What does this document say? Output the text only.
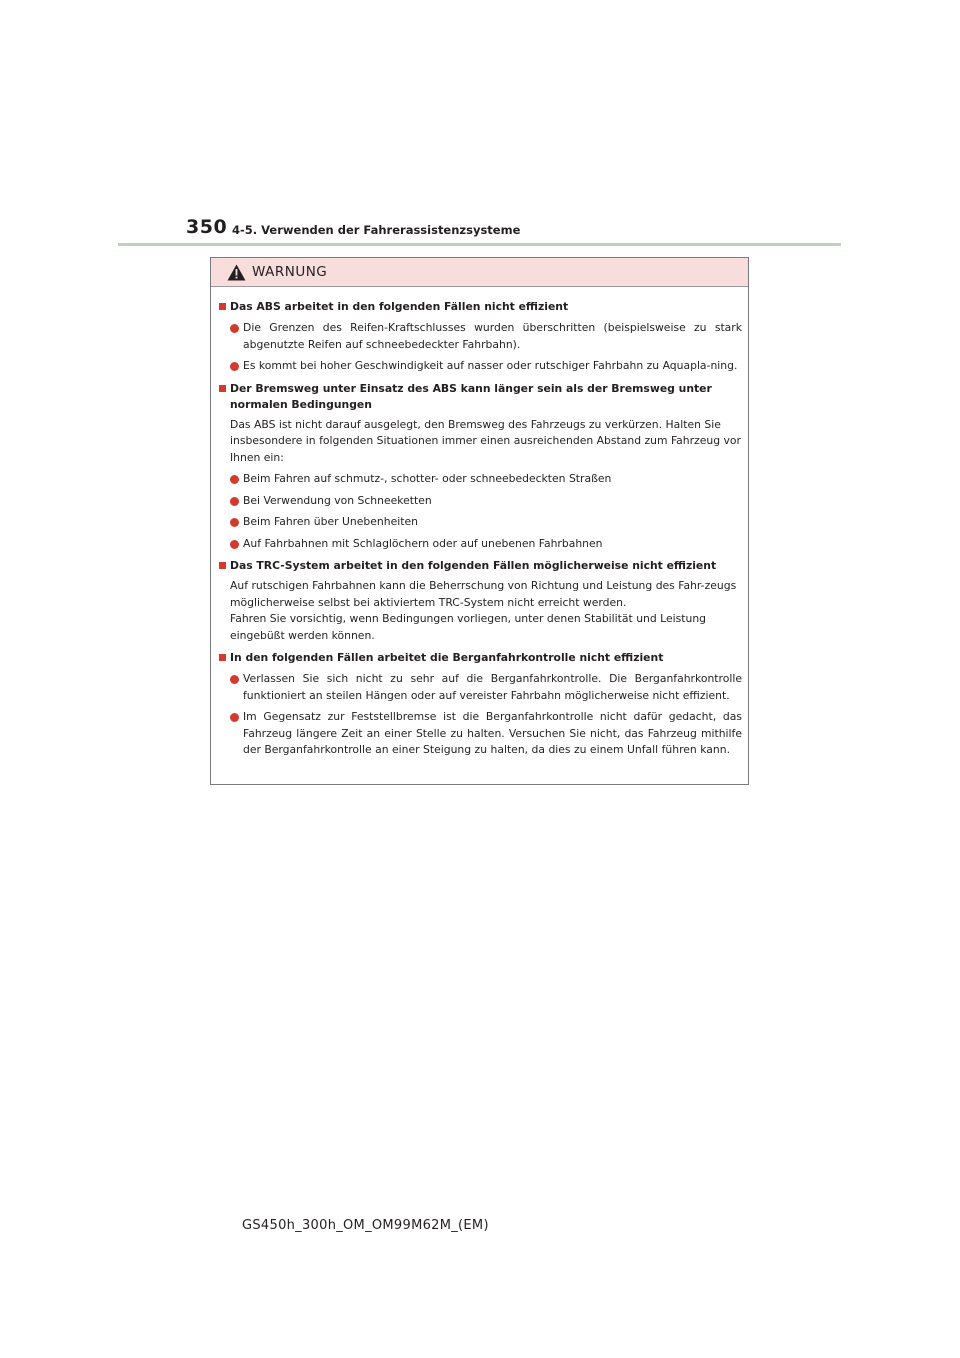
350 4-5. Verwenden der Fahrerassistenzsysteme
WARNUNG
Das ABS arbeitet in den folgenden Fällen nicht effizient
Die Grenzen des Reifen-Kraftschlusses wurden überschritten (beispielsweise zu stark abgenutzte Reifen auf schneebedeckter Fahrbahn).
Es kommt bei hoher Geschwindigkeit auf nasser oder rutschiger Fahrbahn zu Aquapla-ning.
Der Bremsweg unter Einsatz des ABS kann länger sein als der Bremsweg unter normalen Bedingungen
Das ABS ist nicht darauf ausgelegt, den Bremsweg des Fahrzeugs zu verkürzen. Halten Sie insbesondere in folgenden Situationen immer einen ausreichenden Abstand zum Fahrzeug vor Ihnen ein:
Beim Fahren auf schmutz-, schotter- oder schneebedeckten Straßen
Bei Verwendung von Schneeketten
Beim Fahren über Unebenheiten
Auf Fahrbahnen mit Schlaglöchern oder auf unebenen Fahrbahnen
Das TRC-System arbeitet in den folgenden Fällen möglicherweise nicht effizient
Auf rutschigen Fahrbahnen kann die Beherrschung von Richtung und Leistung des Fahr-zeugs möglicherweise selbst bei aktiviertem TRC-System nicht erreicht werden.
Fahren Sie vorsichtig, wenn Bedingungen vorliegen, unter denen Stabilität und Leistung eingebüßt werden können.
In den folgenden Fällen arbeitet die Berganfahrkontrolle nicht effizient
Verlassen Sie sich nicht zu sehr auf die Berganfahrkontrolle. Die Berganfahrkontrolle funktioniert an steilen Hängen oder auf vereister Fahrbahn möglicherweise nicht effizient.
Im Gegensatz zur Feststellbremse ist die Berganfahrkontrolle nicht dafür gedacht, das Fahrzeug längere Zeit an einer Stelle zu halten. Versuchen Sie nicht, das Fahrzeug mithilfe der Berganfahrkontrolle an einer Steigung zu halten, da dies zu einem Unfall führen kann.
GS450h_300h_OM_OM99M62M_(EM)
